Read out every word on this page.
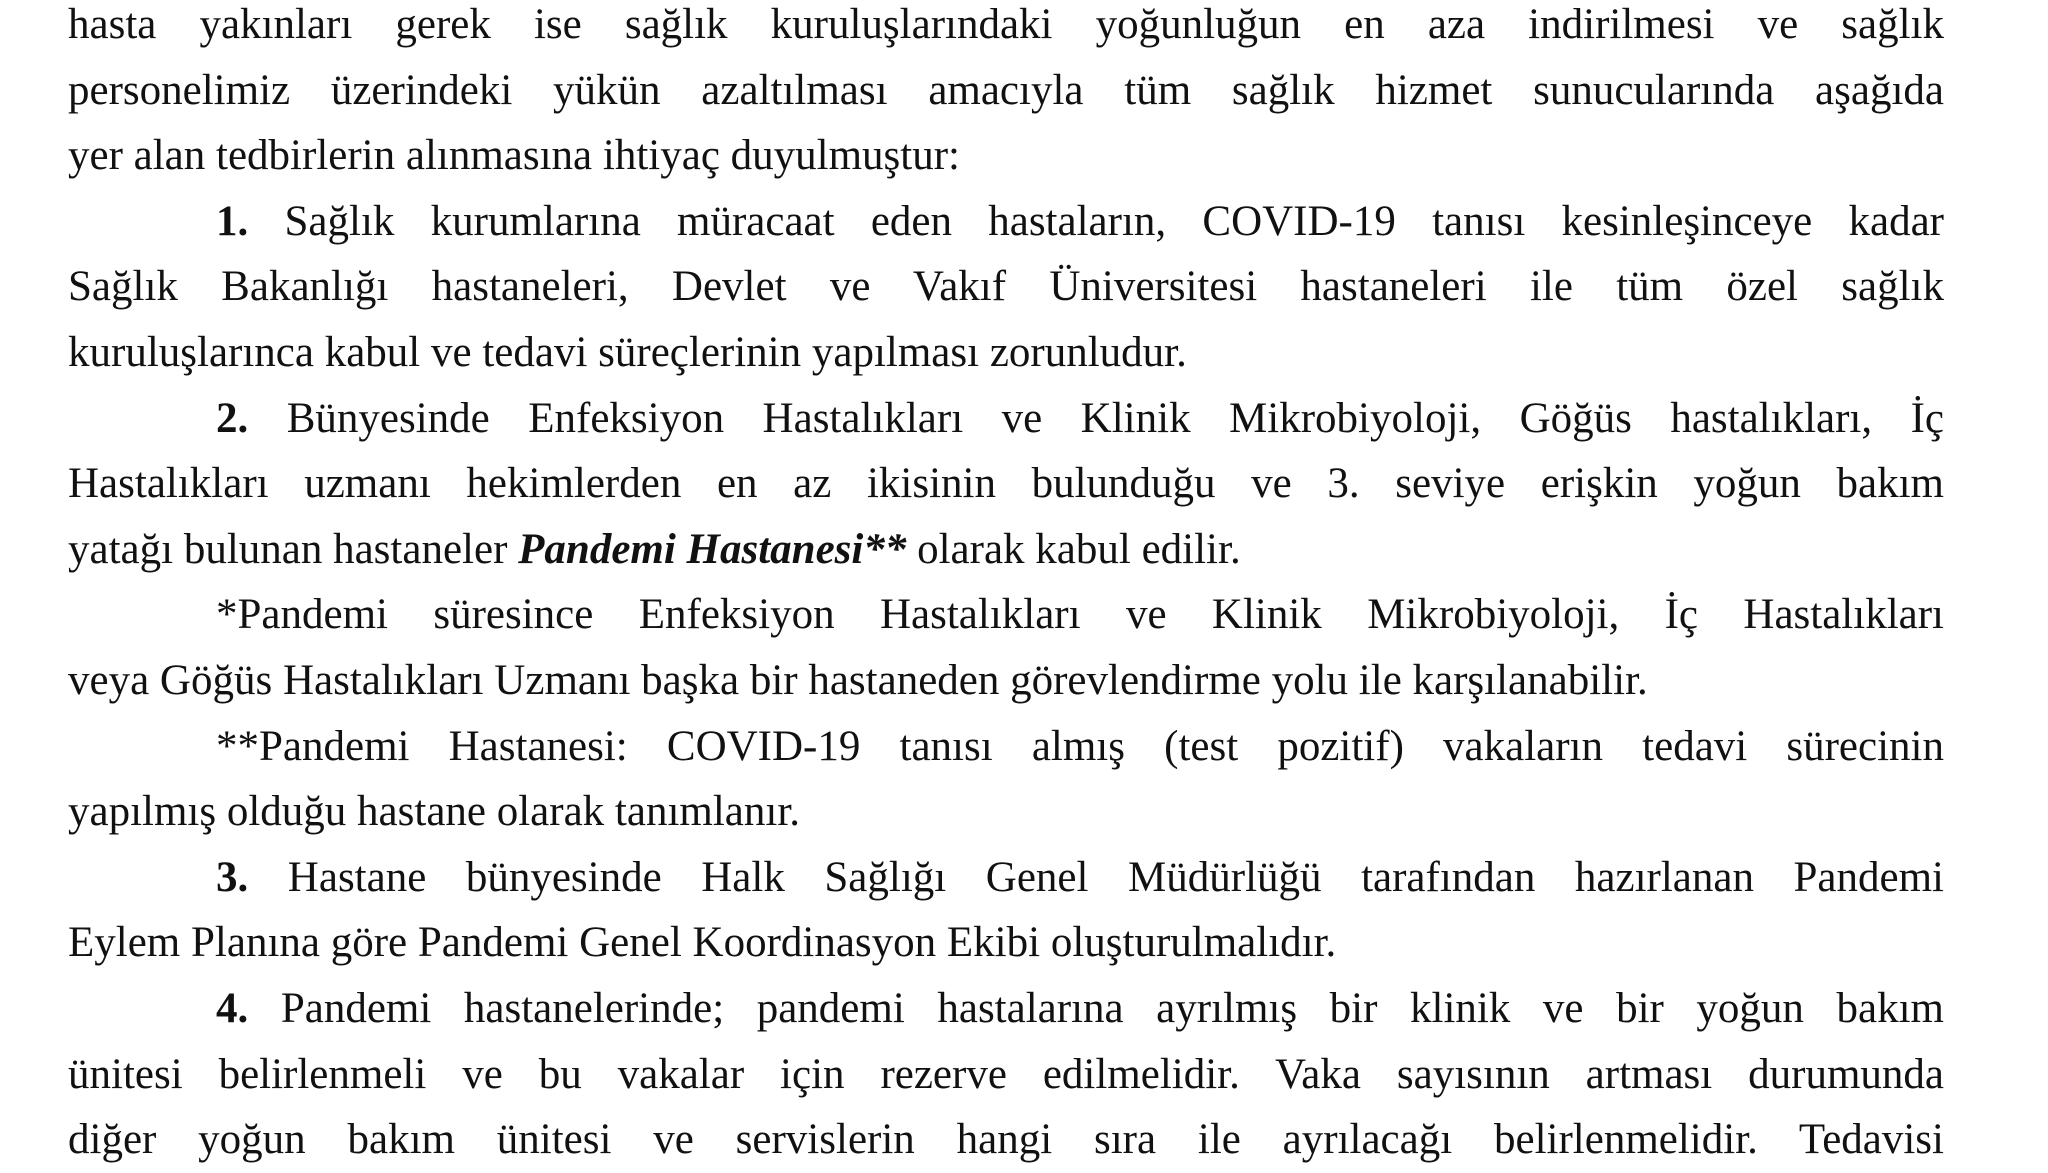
hasta yakınları gerek ise sağlık kuruluşlarındaki yoğunluğun en aza indirilmesi ve sağlık
personelimiz üzerindeki yükün azaltılması amacıyla tüm sağlık hizmet sunucularında aşağıda
yer alan tedbirlerin alınmasına ihtiyaç duyulmuştur:
1. Sağlık kurumlarına müracaat eden hastaların, COVID-19 tanısı kesinleşinceye kadar
Sağlık Bakanlığı hastaneleri, Devlet ve Vakıf Üniversitesi hastaneleri ile tüm özel sağlık
kuruluşlarınca kabul ve tedavi süreçlerinin yapılması zorunludur.
2. Bünyesinde Enfeksiyon Hastalıkları ve Klinik Mikrobiyoloji, Göğüs hastalıkları, İç
Hastalıkları uzmanı hekimlerden en az ikisinin bulunduğu ve 3. seviye erişkin yoğun bakım
yatağı bulunan hastaneler Pandemi Hastanesi** olarak kabul edilir.
*Pandemi süresince Enfeksiyon Hastalıkları ve Klinik Mikrobiyoloji, İç Hastalıkları
veya Göğüs Hastalıkları Uzmanı başka bir hastaneden görevlendirme yolu ile karşılanabilir.
**Pandemi Hastanesi: COVID-19 tanısı almış (test pozitif) vakaların tedavi sürecinin
yapılmış olduğu hastane olarak tanımlanır.
3. Hastane bünyesinde Halk Sağlığı Genel Müdürlüğü tarafından hazırlanan Pandemi
Eylem Planına göre Pandemi Genel Koordinasyon Ekibi oluşturulmalıdır.
4. Pandemi hastanelerinde; pandemi hastalarına ayrılmış bir klinik ve bir yoğun bakım
ünitesi belirlenmeli ve bu vakalar için rezerve edilmelidir. Vaka sayısının artması durumunda
diğer yoğun bakım ünitesi ve servislerin hangi sıra ile ayrılacağı belirlenmelidir. Tedavisi
